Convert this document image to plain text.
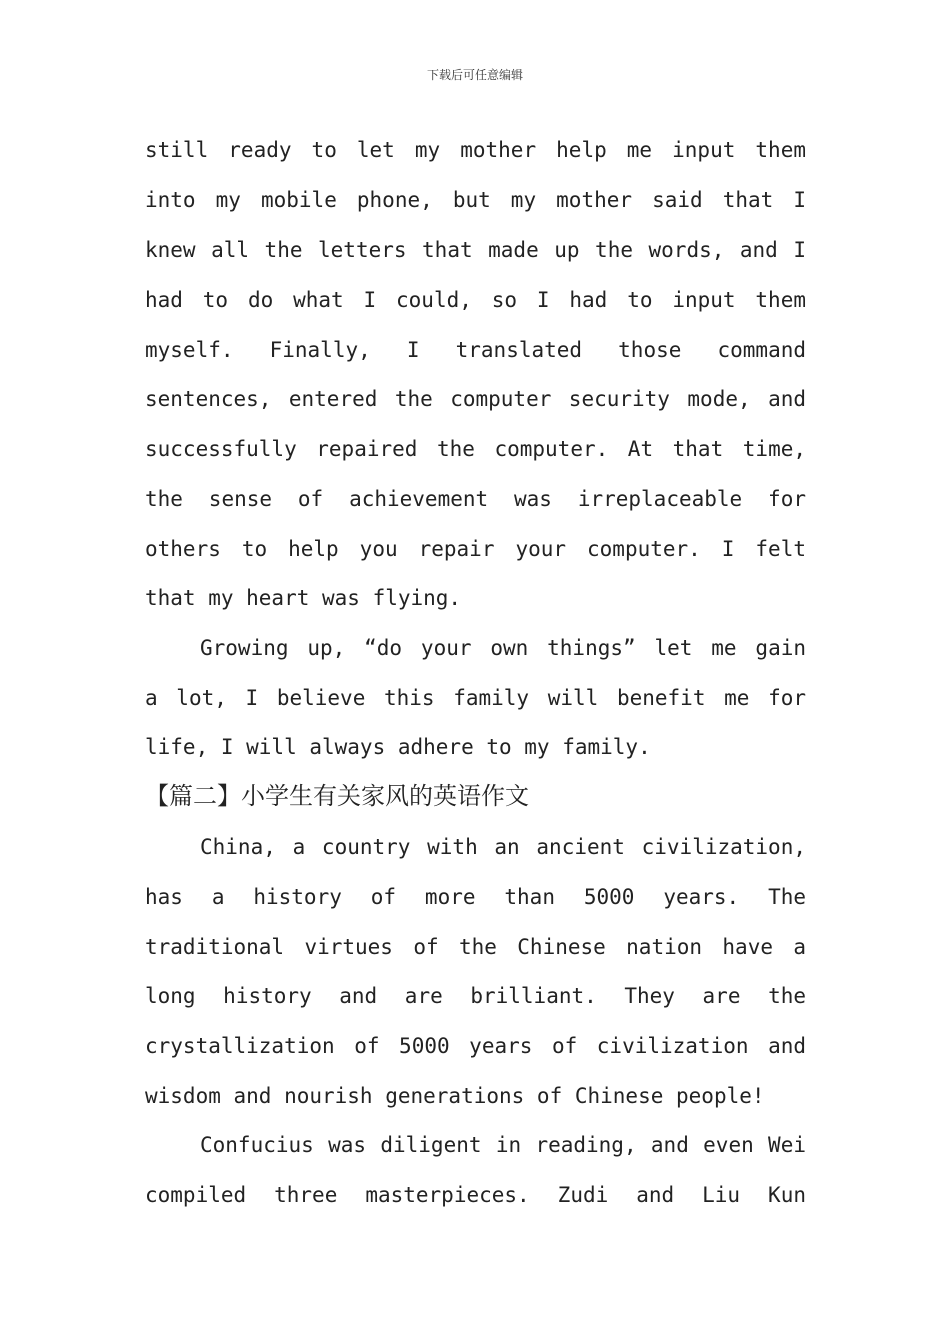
下载后可任意编辑
still ready to let my mother help me input them
into my mobile phone, but my mother said that I
knew all the letters that made up the words, and I
had to do what I could, so I had to input them
myself. Finally, I translated those command
sentences, entered the computer security mode, and
successfully repaired the computer. At that time,
the sense of achievement was irreplaceable for
others to help you repair your computer. I felt
that my heart was flying.
Growing up, “do your own things” let me gain
a lot, I believe this family will benefit me for
life, I will always adhere to my family.
【篇二】小学生有关家风的英语作文
China, a country with an ancient civilization,
has a history of more than 5000 years. The
traditional virtues of the Chinese nation have a
long history and are brilliant. They are the
crystallization of 5000 years of civilization and
wisdom and nourish generations of Chinese people!
Confucius was diligent in reading, and even Wei
compiled three masterpieces. Zudi and Liu Kun
